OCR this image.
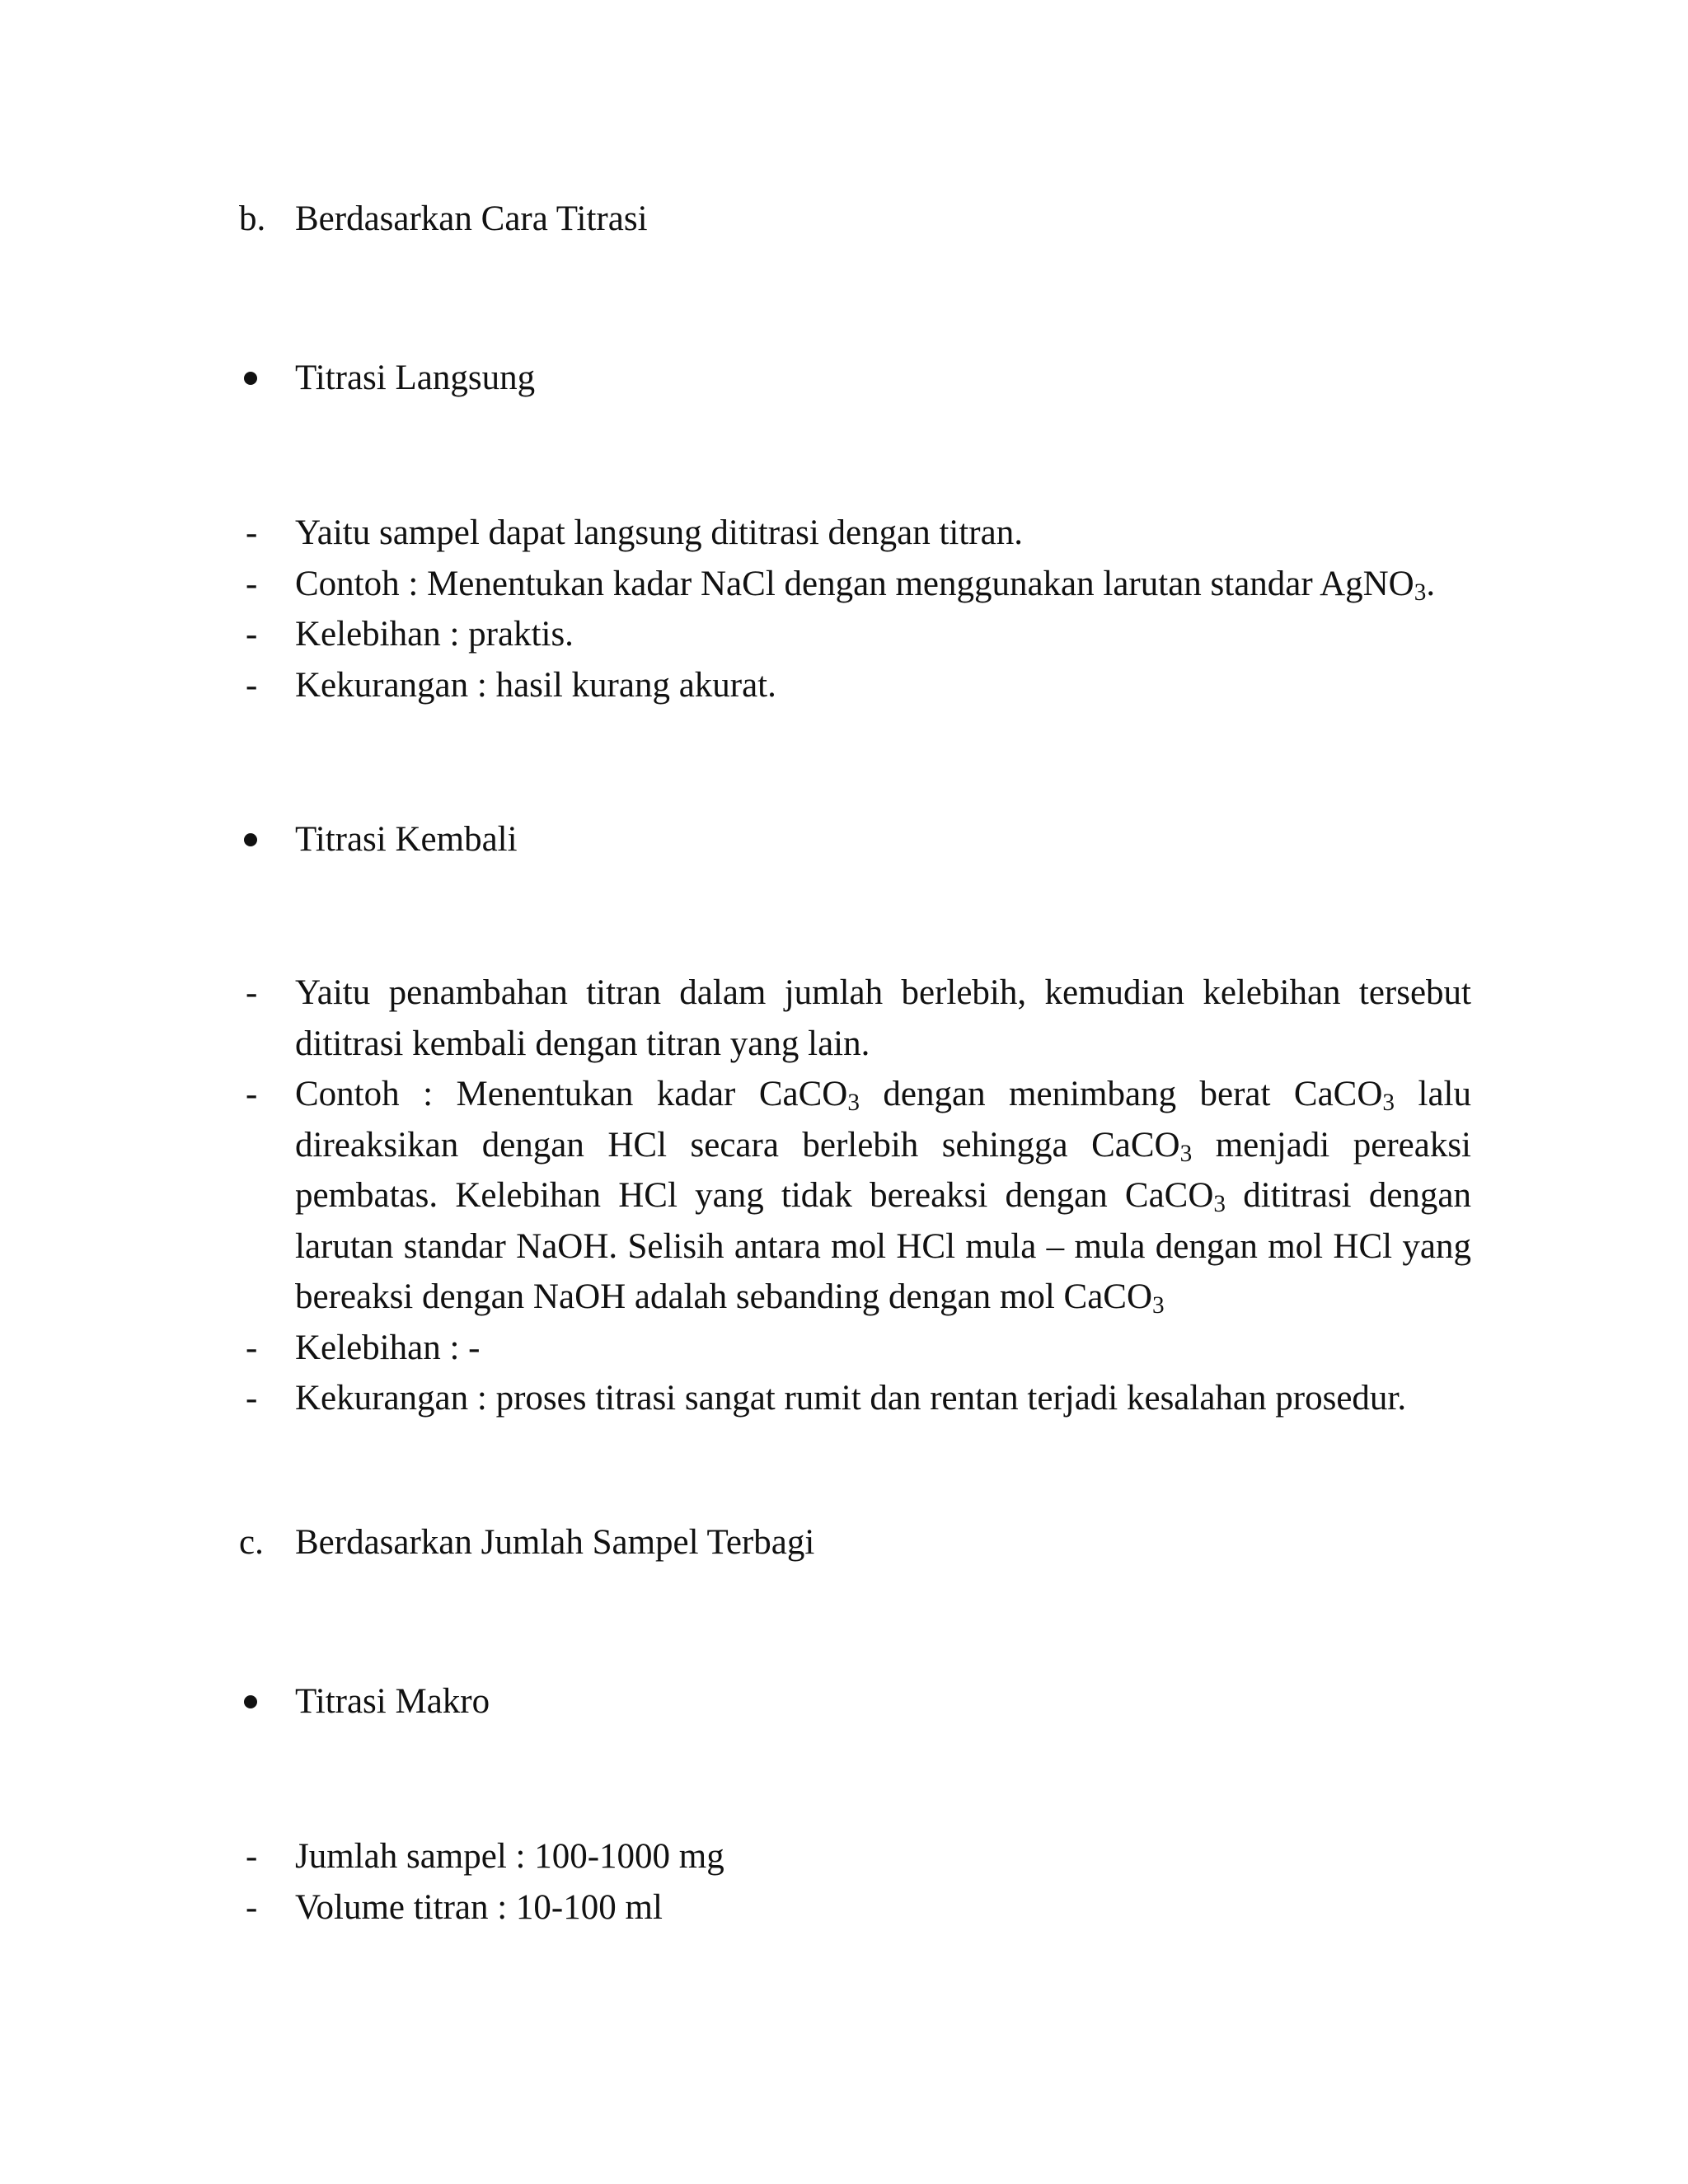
b. Berdasarkan Cara Titrasi
Titrasi Langsung
- Yaitu sampel dapat langsung dititrasi dengan titran.
- Contoh : Menentukan kadar NaCl dengan menggunakan larutan standar AgNO$_3$.
- Kelebihan : praktis.
- Kekurangan : hasil kurang akurat.
Titrasi Kembali
- Yaitu penambahan titran dalam jumlah berlebih, kemudian kelebihan tersebut dititrasi kembali dengan titran yang lain.
- Contoh : Menentukan kadar CaCO$_3$ dengan menimbang berat CaCO$_3$ lalu direaksikan dengan HCl secara berlebih sehingga CaCO$_3$ menjadi pereaksi pembatas. Kelebihan HCl yang tidak bereaksi dengan CaCO$_3$ dititrasi dengan larutan standar NaOH. Selisih antara mol HCl mula – mula dengan mol HCl yang bereaksi dengan NaOH adalah sebanding dengan mol CaCO$_3$
- Kelebihan : -
- Kekurangan : proses titrasi sangat rumit dan rentan terjadi kesalahan prosedur.
c. Berdasarkan Jumlah Sampel Terbagi
Titrasi Makro
- Jumlah sampel : 100-1000 mg
- Volume titran : 10-100 ml
